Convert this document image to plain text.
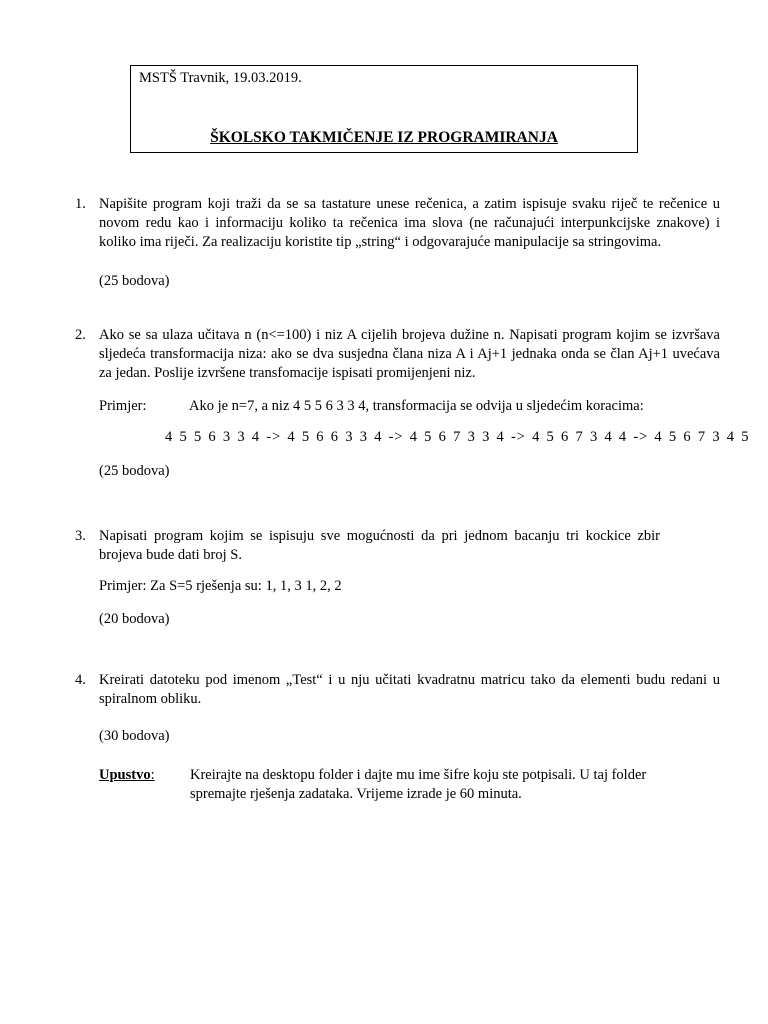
MSTŠ Travnik, 19.03.2019.
ŠKOLSKO TAKMIČENJE IZ PROGRAMIRANJA
1. Napišite program koji traži da se sa tastature unese rečenica, a zatim ispisuje svaku riječ te rečenice u novom redu kao i informaciju koliko ta rečenica ima slova (ne računajući interpunkcijske znakove) i koliko ima riječi. Za realizaciju koristite tip „string“ i odgovarajuće manipulacije sa stringovima.

(25 bodova)
2. Ako se sa ulaza učitava n (n<=100) i niz A cijelih brojeva dužine n. Napisati program kojim se izvršava sljedeća transformacija niza: ako se dva susjedna člana niza A i Aj+1 jednaka onda se član Aj+1 uvećava za jedan. Poslije izvršene transfomacije ispisati promijenjeni niz.

Primjer:	Ako je n=7, a niz 4 5 5 6 3 3 4, transformacija se odvija u sljedećim koracima:
4 5 5 6 3 3 4 -> 4 5 6 6 3 3 4 -> 4 5 6 7 3 3 4 -> 4 5 6 7 3 4 4 -> 4 5 6 7 3 4 5
(25 bodova)
3. Napisati program kojim se ispisuju sve mogućnosti da pri jednom bacanju tri kockice zbir brojeva bude dati broj S.

Primjer: Za S=5 rješenja su: 1, 1, 3 1, 2, 2
(20 bodova)
4. Kreirati datoteku pod imenom „Test“ i u nju učitati kvadratnu matricu tako da elementi budu redani u spiralnom obliku.

(30 bodova)
Upustvo: Kreirajte na desktopu folder i dajte mu ime šifre koju ste potpisali. U taj folder spremajte rješenja zadataka. Vrijeme izrade je 60 minuta.
